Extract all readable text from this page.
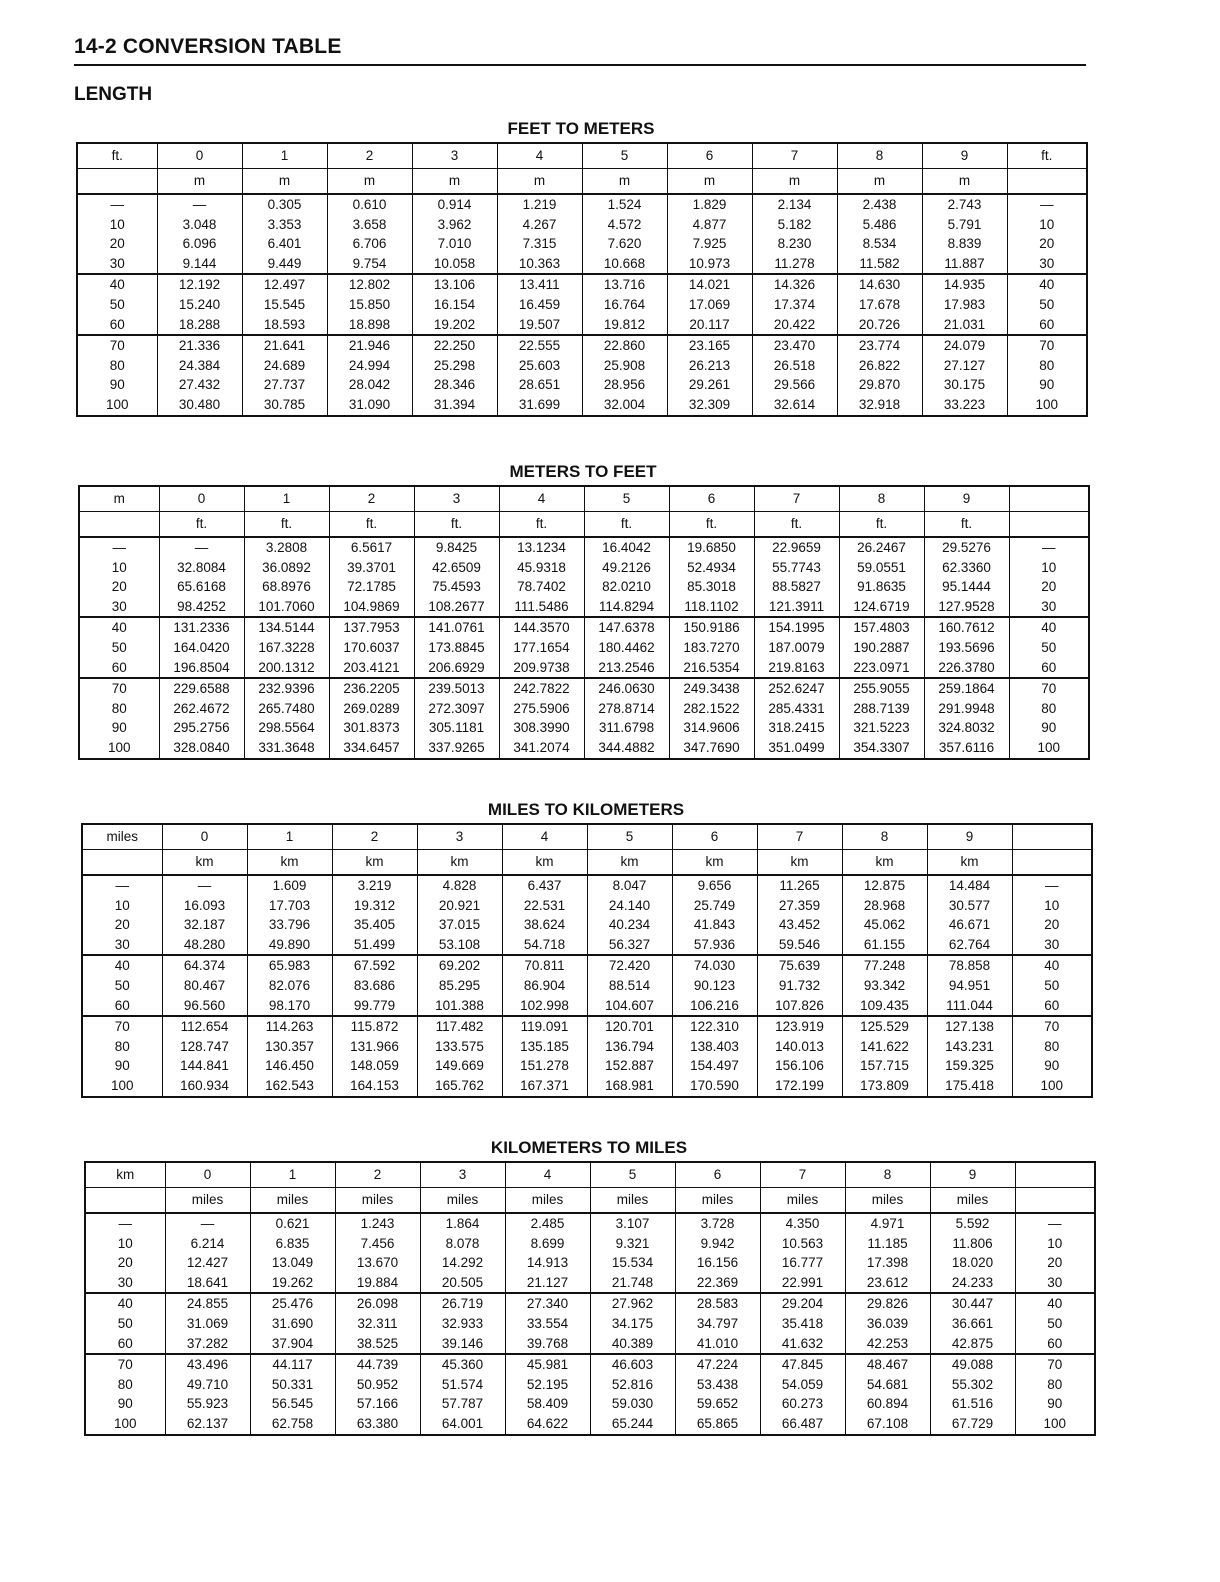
14-2 CONVERSION TABLE
LENGTH
FEET TO METERS
ft.	0	1	2	3	4	5	6	7	8	9	ft.
	m	m	m	m	m	m	m	m	m	m	
—	—	0.305	0.610	0.914	1.219	1.524	1.829	2.134	2.438	2.743	—
10	3.048	3.353	3.658	3.962	4.267	4.572	4.877	5.182	5.486	5.791	10
20	6.096	6.401	6.706	7.010	7.315	7.620	7.925	8.230	8.534	8.839	20
30	9.144	9.449	9.754	10.058	10.363	10.668	10.973	11.278	11.582	11.887	30
40	12.192	12.497	12.802	13.106	13.411	13.716	14.021	14.326	14.630	14.935	40
50	15.240	15.545	15.850	16.154	16.459	16.764	17.069	17.374	17.678	17.983	50
60	18.288	18.593	18.898	19.202	19.507	19.812	20.117	20.422	20.726	21.031	60
70	21.336	21.641	21.946	22.250	22.555	22.860	23.165	23.470	23.774	24.079	70
80	24.384	24.689	24.994	25.298	25.603	25.908	26.213	26.518	26.822	27.127	80
90	27.432	27.737	28.042	28.346	28.651	28.956	29.261	29.566	29.870	30.175	90
100	30.480	30.785	31.090	31.394	31.699	32.004	32.309	32.614	32.918	33.223	100
METERS TO FEET
m	0	1	2	3	4	5	6	7	8	9	
	ft.	ft.	ft.	ft.	ft.	ft.	ft.	ft.	ft.	ft.	
—	—	3.2808	6.5617	9.8425	13.1234	16.4042	19.6850	22.9659	26.2467	29.5276	—
10	32.8084	36.0892	39.3701	42.6509	45.9318	49.2126	52.4934	55.7743	59.0551	62.3360	10
20	65.6168	68.8976	72.1785	75.4593	78.7402	82.0210	85.3018	88.5827	91.8635	95.1444	20
30	98.4252	101.7060	104.9869	108.2677	111.5486	114.8294	118.1102	121.3911	124.6719	127.9528	30
40	131.2336	134.5144	137.7953	141.0761	144.3570	147.6378	150.9186	154.1995	157.4803	160.7612	40
50	164.0420	167.3228	170.6037	173.8845	177.1654	180.4462	183.7270	187.0079	190.2887	193.5696	50
60	196.8504	200.1312	203.4121	206.6929	209.9738	213.2546	216.5354	219.8163	223.0971	226.3780	60
70	229.6588	232.9396	236.2205	239.5013	242.7822	246.0630	249.3438	252.6247	255.9055	259.1864	70
80	262.4672	265.7480	269.0289	272.3097	275.5906	278.8714	282.1522	285.4331	288.7139	291.9948	80
90	295.2756	298.5564	301.8373	305.1181	308.3990	311.6798	314.9606	318.2415	321.5223	324.8032	90
100	328.0840	331.3648	334.6457	337.9265	341.2074	344.4882	347.7690	351.0499	354.3307	357.6116	100
MILES TO KILOMETERS
miles	0	1	2	3	4	5	6	7	8	9	
	km	km	km	km	km	km	km	km	km	km	
—	—	1.609	3.219	4.828	6.437	8.047	9.656	11.265	12.875	14.484	—
10	16.093	17.703	19.312	20.921	22.531	24.140	25.749	27.359	28.968	30.577	10
20	32.187	33.796	35.405	37.015	38.624	40.234	41.843	43.452	45.062	46.671	20
30	48.280	49.890	51.499	53.108	54.718	56.327	57.936	59.546	61.155	62.764	30
40	64.374	65.983	67.592	69.202	70.811	72.420	74.030	75.639	77.248	78.858	40
50	80.467	82.076	83.686	85.295	86.904	88.514	90.123	91.732	93.342	94.951	50
60	96.560	98.170	99.779	101.388	102.998	104.607	106.216	107.826	109.435	111.044	60
70	112.654	114.263	115.872	117.482	119.091	120.701	122.310	123.919	125.529	127.138	70
80	128.747	130.357	131.966	133.575	135.185	136.794	138.403	140.013	141.622	143.231	80
90	144.841	146.450	148.059	149.669	151.278	152.887	154.497	156.106	157.715	159.325	90
100	160.934	162.543	164.153	165.762	167.371	168.981	170.590	172.199	173.809	175.418	100
KILOMETERS TO MILES
km	0	1	2	3	4	5	6	7	8	9	
	miles	miles	miles	miles	miles	miles	miles	miles	miles	miles	
—	—	0.621	1.243	1.864	2.485	3.107	3.728	4.350	4.971	5.592	—
10	6.214	6.835	7.456	8.078	8.699	9.321	9.942	10.563	11.185	11.806	10
20	12.427	13.049	13.670	14.292	14.913	15.534	16.156	16.777	17.398	18.020	20
30	18.641	19.262	19.884	20.505	21.127	21.748	22.369	22.991	23.612	24.233	30
40	24.855	25.476	26.098	26.719	27.340	27.962	28.583	29.204	29.826	30.447	40
50	31.069	31.690	32.311	32.933	33.554	34.175	34.797	35.418	36.039	36.661	50
60	37.282	37.904	38.525	39.146	39.768	40.389	41.010	41.632	42.253	42.875	60
70	43.496	44.117	44.739	45.360	45.981	46.603	47.224	47.845	48.467	49.088	70
80	49.710	50.331	50.952	51.574	52.195	52.816	53.438	54.059	54.681	55.302	80
90	55.923	56.545	57.166	57.787	58.409	59.030	59.652	60.273	60.894	61.516	90
100	62.137	62.758	63.380	64.001	64.622	65.244	65.865	66.487	67.108	67.729	100
